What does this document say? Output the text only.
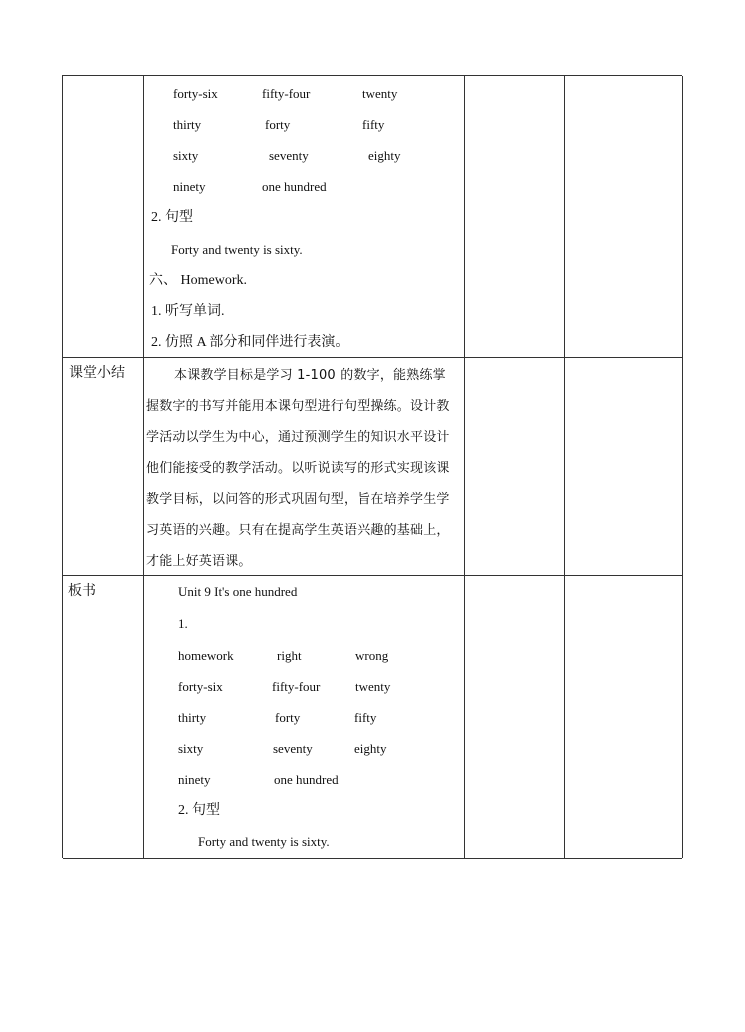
forty-six	fifty-four	twenty
thirty	forty	fifty
sixty	seventy	eighty
ninety	one hundred
2. 句型
Forty and twenty is sixty.
六、 Homework.
1. 听写单词.
2. 仿照 A 部分和同伴进行表演。
课堂小结	本课教学目标是学习 1-100 的数字，能熟练掌握数字的书写并能用本课句型进行句型操练。设计教学活动以学生为中心，通过预测学生的知识水平设计他们能接受的教学活动。以听说读写的形式实现该课教学目标，以问答的形式巩固句型，旨在培养学生学习英语的兴趣。只有在提高学生英语兴趣的基础上，才能上好英语课。
板书	Unit 9 It's one hundred
1.
homework	right	wrong
forty-six	fifty-four	twenty
thirty	forty	fifty
sixty	seventy	eighty
ninety	one hundred
2. 句型
Forty and twenty is sixty.
